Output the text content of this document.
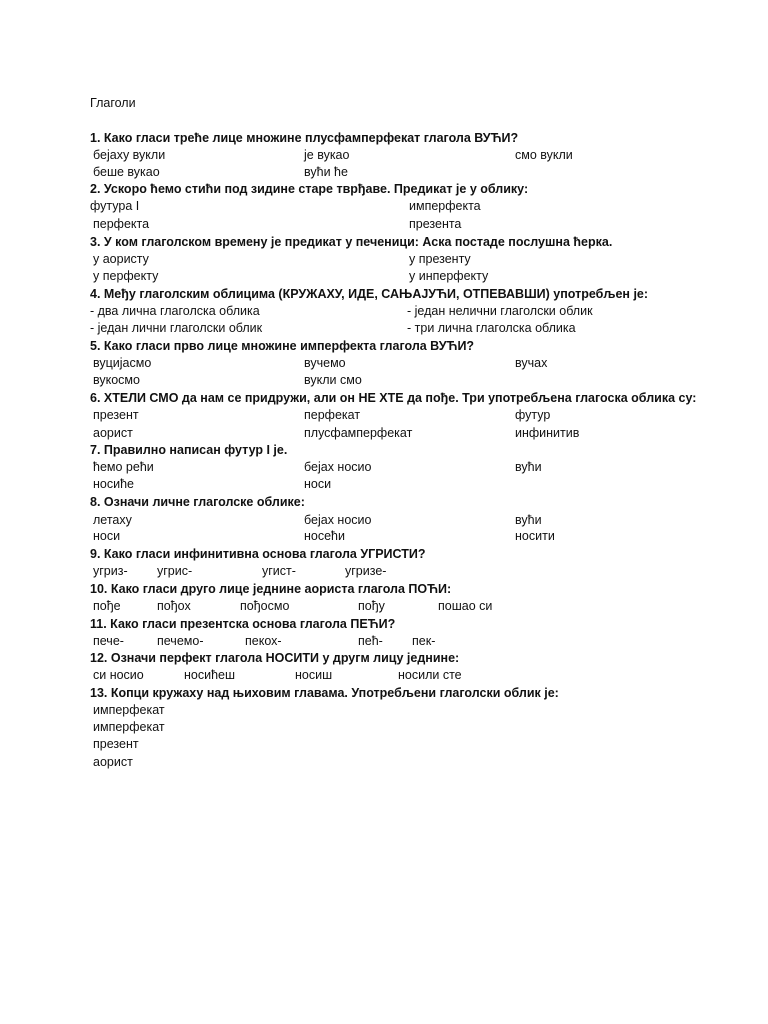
Глаголи
1. Како гласи треће лице множине плусфамперфекат глагола ВУЋИ?
бејаху вукли	је вукао	смо вукли
беше вукао	вући ће
2. Ускоро ћемо стићи под зидине старе тврђаве. Предикат је у облику:
футура I	имперфекта
перфекта	презента
3. У ком глаголском времену је предикат у печеници: Аска постаде послушна ћерка.
у аористу	у презенту
у перфекту	у инперфекту
4. Међу глаголским облицима (КРУЖАХУ, ИДЕ, САЊАЈУЋИ, ОТПЕВАВШИ) употребљен је:
- два лична глаголска облика	- један нелични глаголски облик
- један лични глаголски облик	- три лична глаголска облика
5. Како гласи прво лице множине имперфекта глагола ВУЋИ?
вуцијасмо	вучемо	вучах
вукосмо	вукли смо
6. ХТЕЛИ СМО да нам се придружи, али он НЕ ХТЕ да пође. Три употребљена глагоска облика су:
презент	перфекат	футур
аорист	плусфамперфекат	инфинитив
7. Правилно написан футур I је.
ћемо рећи	бејах носио	вући
носиће	носи
8. Означи личне глаголске облике:
летаху	бејах носио	вући
носи	носећи	носити
9. Како гласи инфинитивна основа глагола УГРИСТИ?
угриз- угрис-	угист-	угризе-
10. Како гласи друго лице једнине аориста глагола ПОЋИ:
пође	пођох	пођосмо	пођу	пошао си
11. Како гласи презентска основа глагола ПЕЋИ?
пече-	печемо-	пекох-	пећ- пек-
12. Означи перфект глагола НОСИТИ у другм лицу једнине:
си носио	носићеш	носиш	носили сте
13. Копци кружаху над њиховим главама. Употребљени глаголски облик је:
имперфекат
имперфекат
презент
аорист
